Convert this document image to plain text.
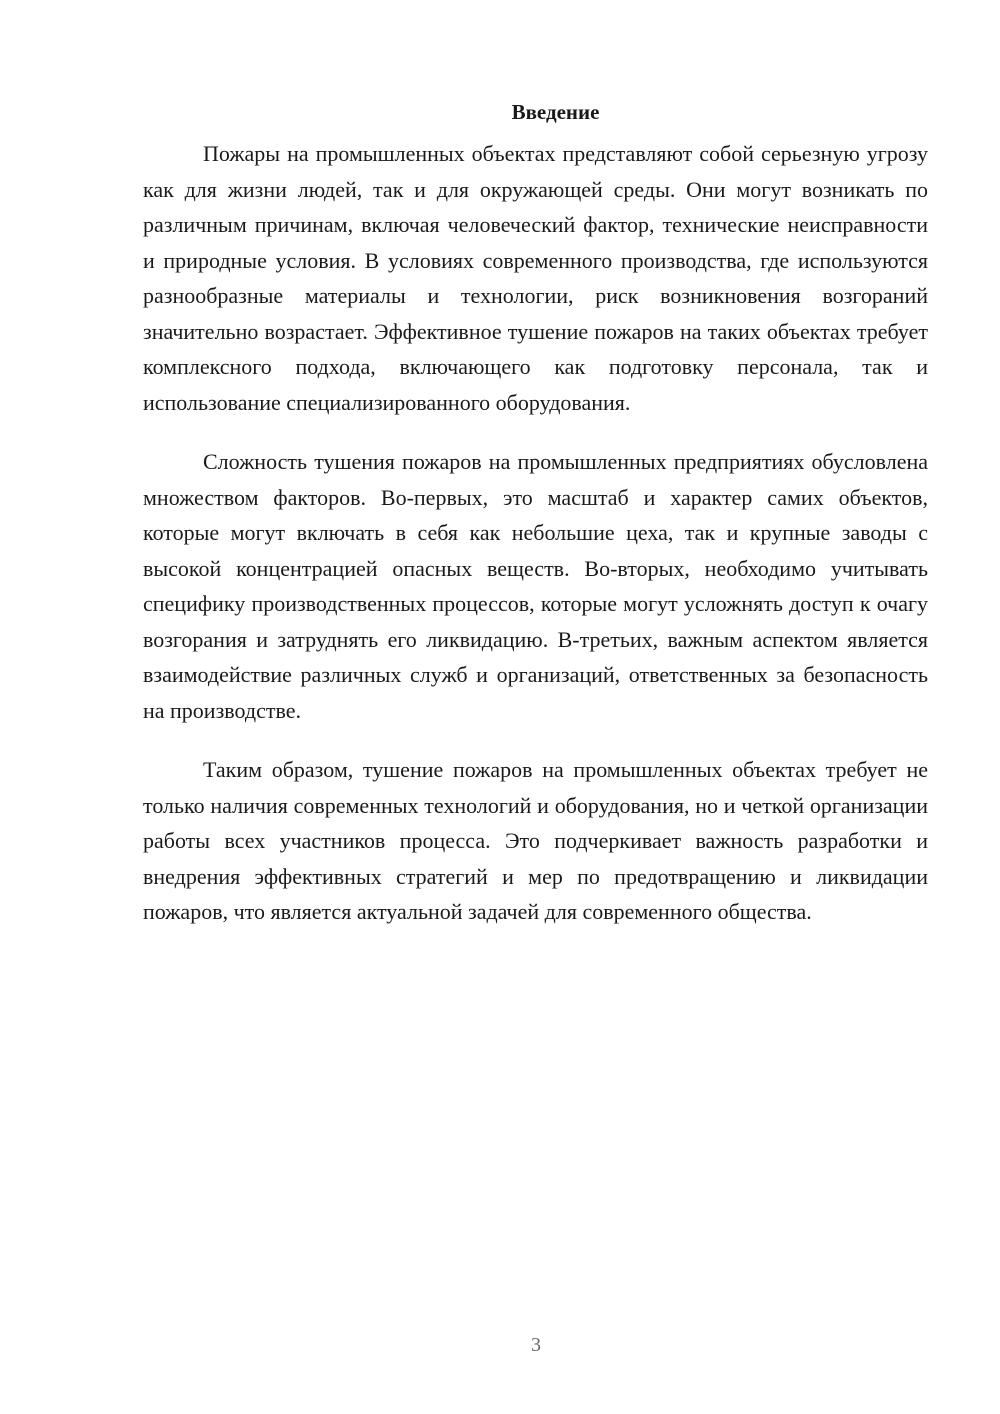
Введение

Пожары на промышленных объектах представляют собой серьезную угрозу как для жизни людей, так и для окружающей среды. Они могут возникать по различным причинам, включая человеческий фактор, технические неисправности и природные условия. В условиях современного производства, где используются разнообразные материалы и технологии, риск возникновения возгораний значительно возрастает. Эффективное тушение пожаров на таких объектах требует комплексного подхода, включающего как подготовку персонала, так и использование специализированного оборудования.

Сложность тушения пожаров на промышленных предприятиях обусловлена множеством факторов. Во-первых, это масштаб и характер самих объектов, которые могут включать в себя как небольшие цеха, так и крупные заводы с высокой концентрацией опасных веществ. Во-вторых, необходимо учитывать специфику производственных процессов, которые могут усложнять доступ к очагу возгорания и затруднять его ликвидацию. В-третьих, важным аспектом является взаимодействие различных служб и организаций, ответственных за безопасность на производстве.

Таким образом, тушение пожаров на промышленных объектах требует не только наличия современных технологий и оборудования, но и четкой организации работы всех участников процесса. Это подчеркивает важность разработки и внедрения эффективных стратегий и мер по предотвращению и ликвидации пожаров, что является актуальной задачей для современного общества.

3
